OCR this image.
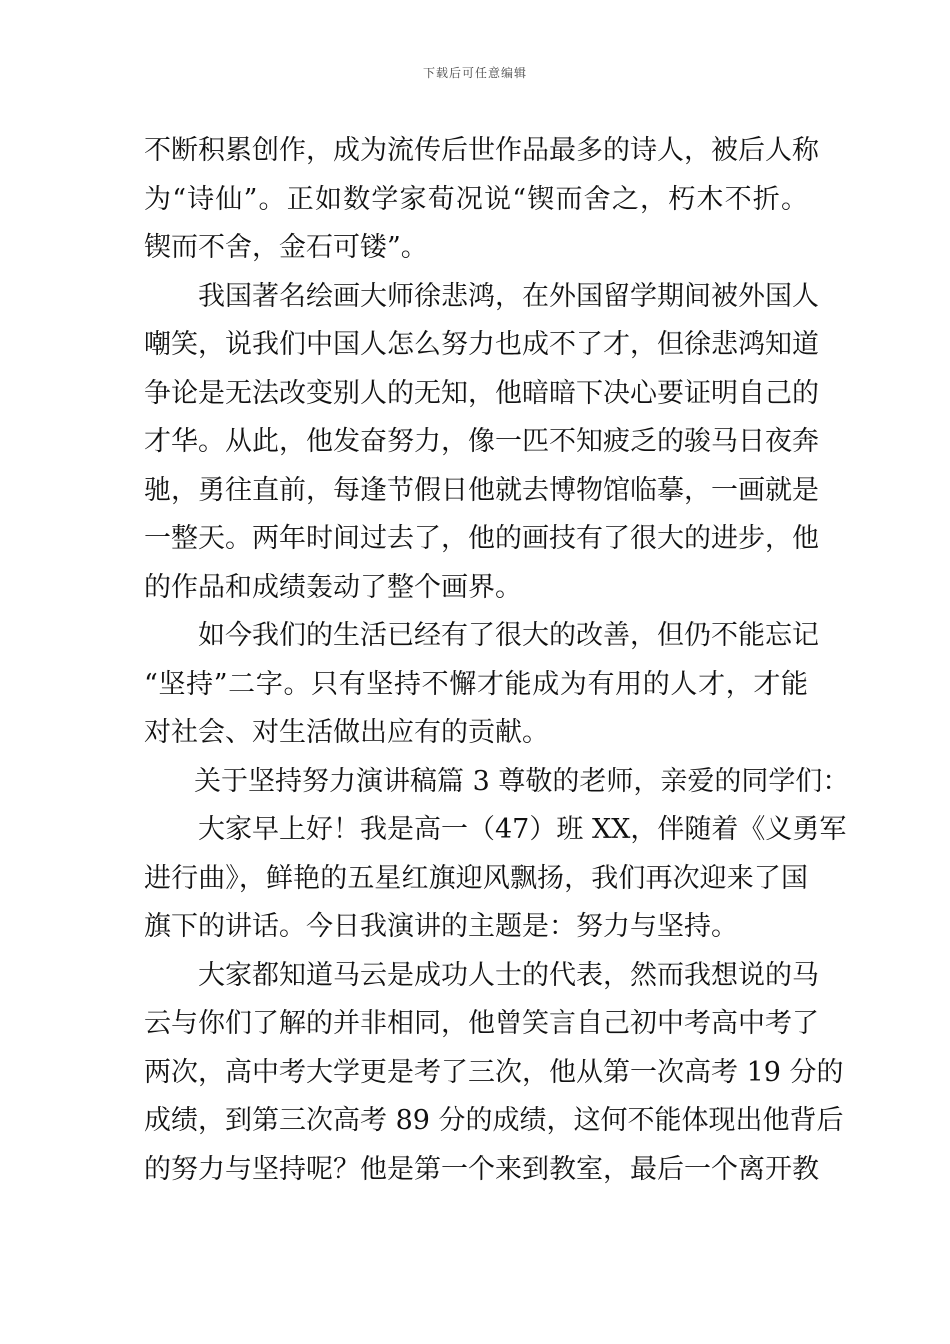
下载后可任意编辑
不断积累创作，成为流传后世作品最多的诗人，被后人称
为“诗仙”。正如数学家荀况说“锲而舍之，朽木不折。
锲而不舍，金石可镂”。
我国著名绘画大师徐悲鸿，在外国留学期间被外国人
嘲笑，说我们中国人怎么努力也成不了才，但徐悲鸿知道
争论是无法改变别人的无知，他暗暗下决心要证明自己的
才华。从此，他发奋努力，像一匹不知疲乏的骏马日夜奔
驰，勇往直前，每逢节假日他就去博物馆临摹，一画就是
一整天。两年时间过去了，他的画技有了很大的进步，他
的作品和成绩轰动了整个画界。
如今我们的生活已经有了很大的改善，但仍不能忘记
“坚持”二字。只有坚持不懈才能成为有用的人才，才能
对社会、对生活做出应有的贡献。
关于坚持努力演讲稿篇 3 尊敬的老师，亲爱的同学们：
大家早上好！我是高一（47）班 XX，伴随着《义勇军
进行曲》，鲜艳的五星红旗迎风飘扬，我们再次迎来了国
旗下的讲话。今日我演讲的主题是：努力与坚持。
大家都知道马云是成功人士的代表，然而我想说的马
云与你们了解的并非相同，他曾笑言自己初中考高中考了
两次，高中考大学更是考了三次，他从第一次高考 19 分的
成绩，到第三次高考 89 分的成绩，这何不能体现出他背后
的努力与坚持呢？他是第一个来到教室，最后一个离开教
